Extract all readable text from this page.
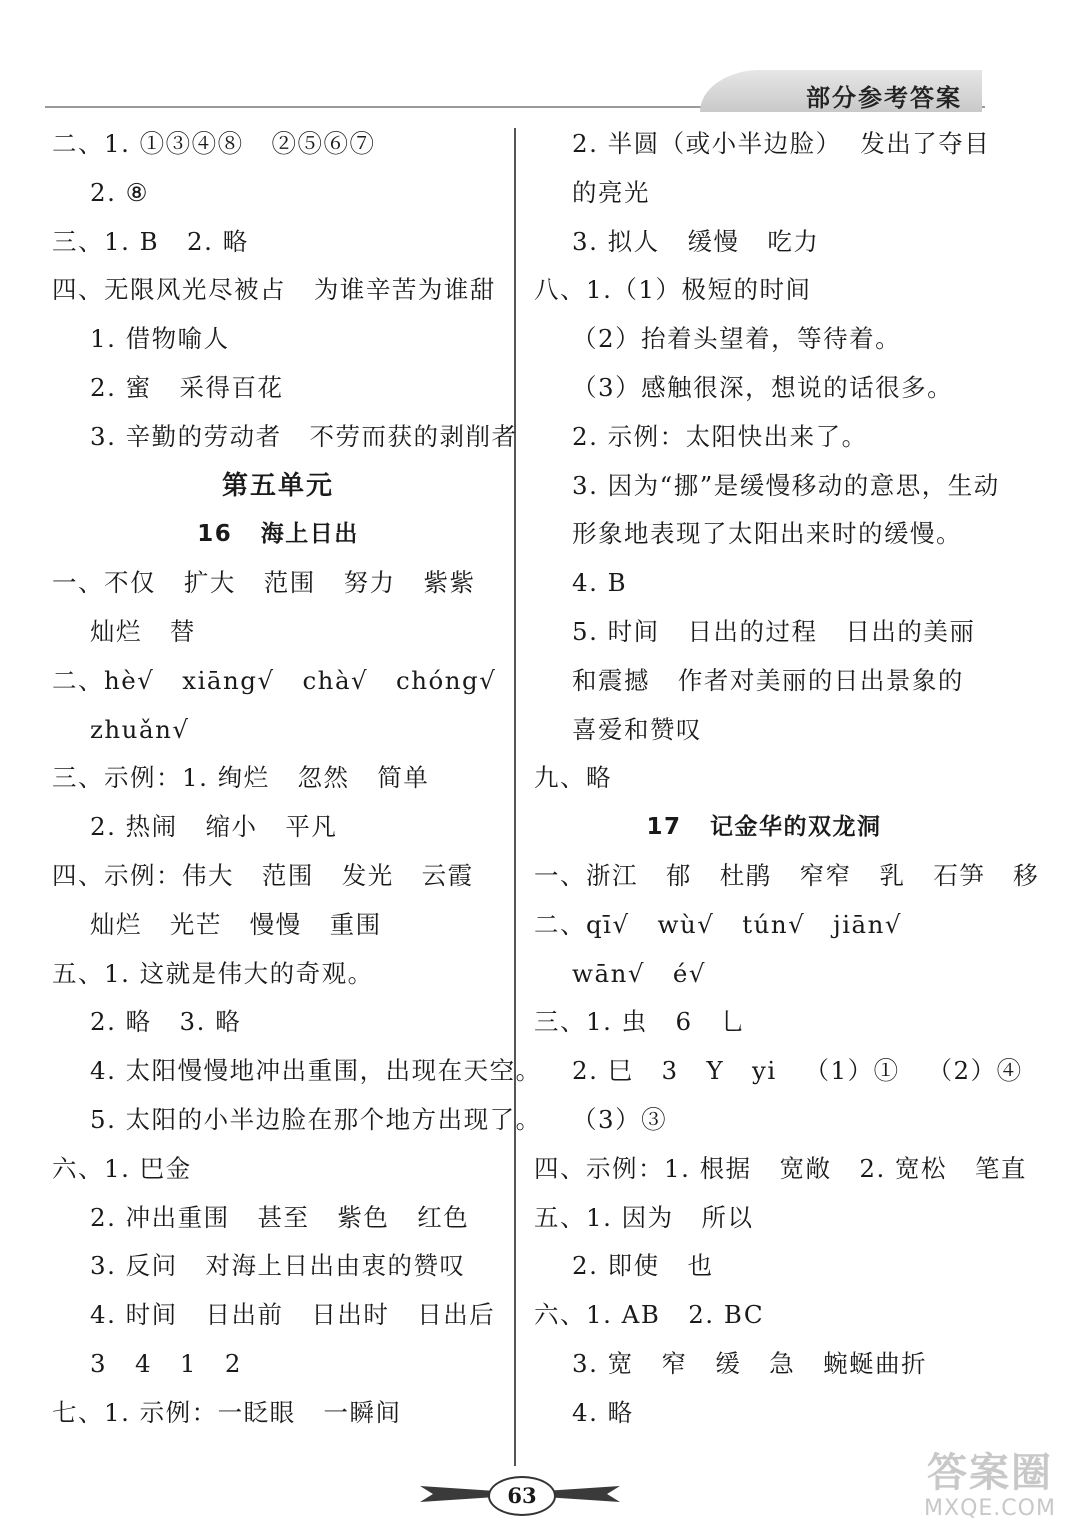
部分参考答案
二、1. ①③④⑧   ②⑤⑥⑦
2. ⑧
三、1. B   2. 略
四、无限风光尽被占   为谁辛苦为谁甜
1. 借物喻人
2. 蜜   采得百花
3. 辛勤的劳动者   不劳而获的剥削者
第五单元
16   海上日出
一、不仅   扩大   范围   努力   紫紫
灿烂   替
二、hè√   xiāng√   chà√   chóng√
zhuǎn√
三、示例：1. 绚烂   忽然   简单
2. 热闹   缩小   平凡
四、示例：伟大   范围   发光   云霞
灿烂   光芒   慢慢   重围
五、1. 这就是伟大的奇观。
2. 略   3. 略
4. 太阳慢慢地冲出重围，出现在天空。
5. 太阳的小半边脸在那个地方出现了。
六、1. 巴金
2. 冲出重围   甚至   紫色   红色
3. 反问   对海上日出由衷的赞叹
4. 时间   日出前   日出时   日出后
3   4   1   2
七、1. 示例：一眨眼   一瞬间
2. 半圆（或小半边脸）  发出了夺目
的亮光
3. 拟人   缓慢   吃力
八、1.（1）极短的时间
（2）抬着头望着，等待着。
（3）感触很深，想说的话很多。
2. 示例：太阳快出来了。
3. 因为“挪”是缓慢移动的意思，生动
形象地表现了太阳出来时的缓慢。
4. B
5. 时间   日出的过程   日出的美丽
和震撼   作者对美丽的日出景象的
喜爱和赞叹
九、略
17   记金华的双龙洞
一、浙江   郁   杜鹃   窄窄   乳   石笋   移
二、qī√   wù√   tún√   jiān√
wān√   é√
三、1. 虫   6   乚
2. 巳   3   Y   yi   （1）①   （2）④
（3）③
四、示例：1. 根据   宽敞   2. 宽松   笔直
五、1. 因为   所以
2. 即使   也
六、1. AB   2. BC
3. 宽   窄   缓   急   蜿蜒曲折
4. 略
63	答案圈
MXQE.COM
